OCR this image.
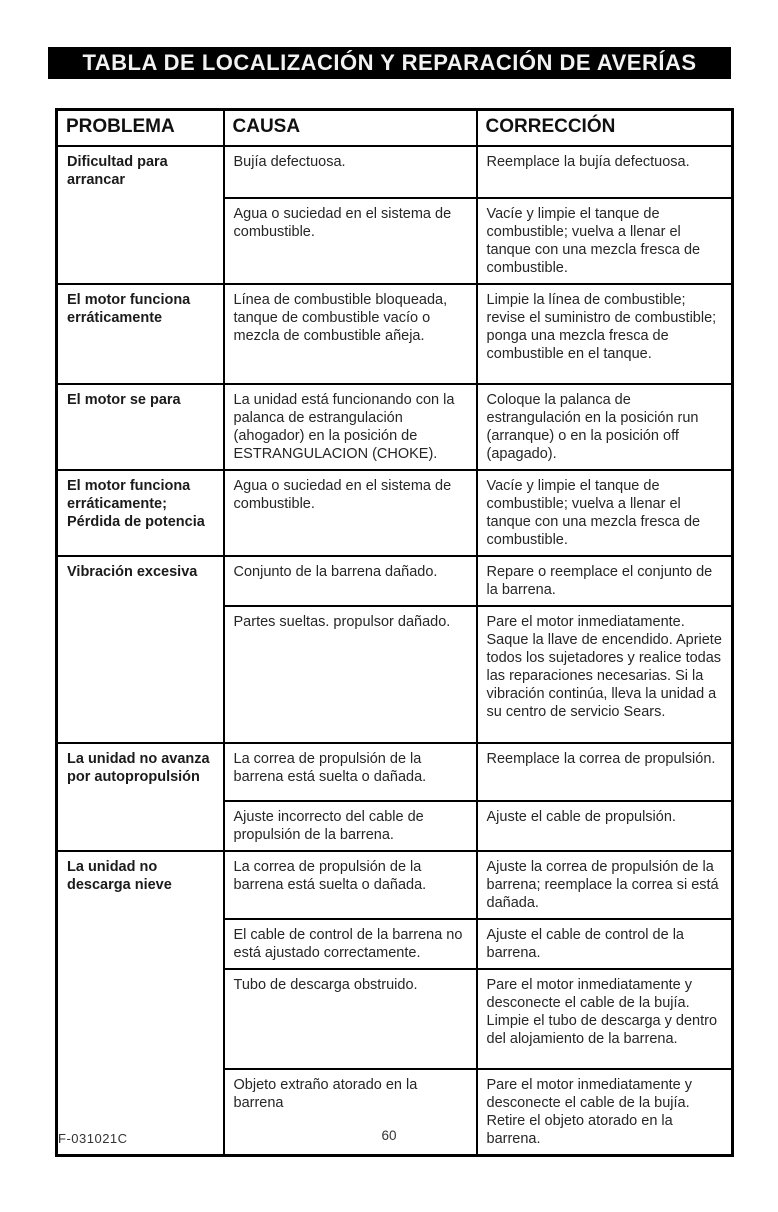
TABLA DE LOCALIZACIÓN Y REPARACIÓN DE AVERÍAS
PROBLEMA	CAUSA	CORRECCIÓN
Dificultad para arrancar	Bujía defectuosa.	Reemplace la bujía defectuosa.
	Agua o suciedad en el sistema de combustible.	Vacíe y limpie el tanque de combustible; vuelva a llenar el tanque con una mezcla fresca de combustible.
El motor funciona erráticamente	Línea de combustible bloqueada, tanque de combustible vacío o mezcla de combustible añeja.	Limpie la línea de combustible; revise el suministro de combustible; ponga una mezcla fresca de combustible en el tanque.
El motor se para	La unidad está funcionando con la palanca de estrangulación (ahogador) en la posición de ESTRANGULACION (CHOKE).	Coloque la palanca de estrangulación en la posición run (arranque) o en la posición off (apagado).
El motor funciona erráticamente; Pérdida de potencia	Agua o suciedad en el sistema de combustible.	Vacíe y limpie el tanque de combustible; vuelva a llenar el tanque con una mezcla fresca de combustible.
Vibración excesiva	Conjunto de la barrena dañado.	Repare o reemplace el conjunto de la barrena.
	Partes sueltas. propulsor dañado.	Pare el motor inmediatamente. Saque la llave de encendido. Apriete todos los sujetadores y realice todas las reparaciones necesarias. Si la vibración continúa, lleva la unidad a su centro de servicio Sears.
La unidad no avanza por autopropulsión	La correa de propulsión de la barrena está suelta o dañada.	Reemplace la correa de propulsión.
	Ajuste incorrecto del cable de propulsión de la barrena.	Ajuste el cable de propulsión.
La unidad no descarga nieve	La correa de propulsión de la barrena está suelta o dañada.	Ajuste la correa de propulsión de la barrena; reemplace la correa si está dañada.
	El cable de control de la barrena no está ajustado correctamente.	Ajuste el cable de control de la barrena.
	Tubo de descarga obstruido.	Pare el motor inmediatamente y desconecte el cable de la bujía. Limpie el tubo de descarga y dentro del alojamiento de la barrena.
	Objeto extraño atorado en la barrena	Pare el motor inmediatamente y desconecte el cable de la bujía. Retire el objeto atorado en la barrena.
F-031021C	60
